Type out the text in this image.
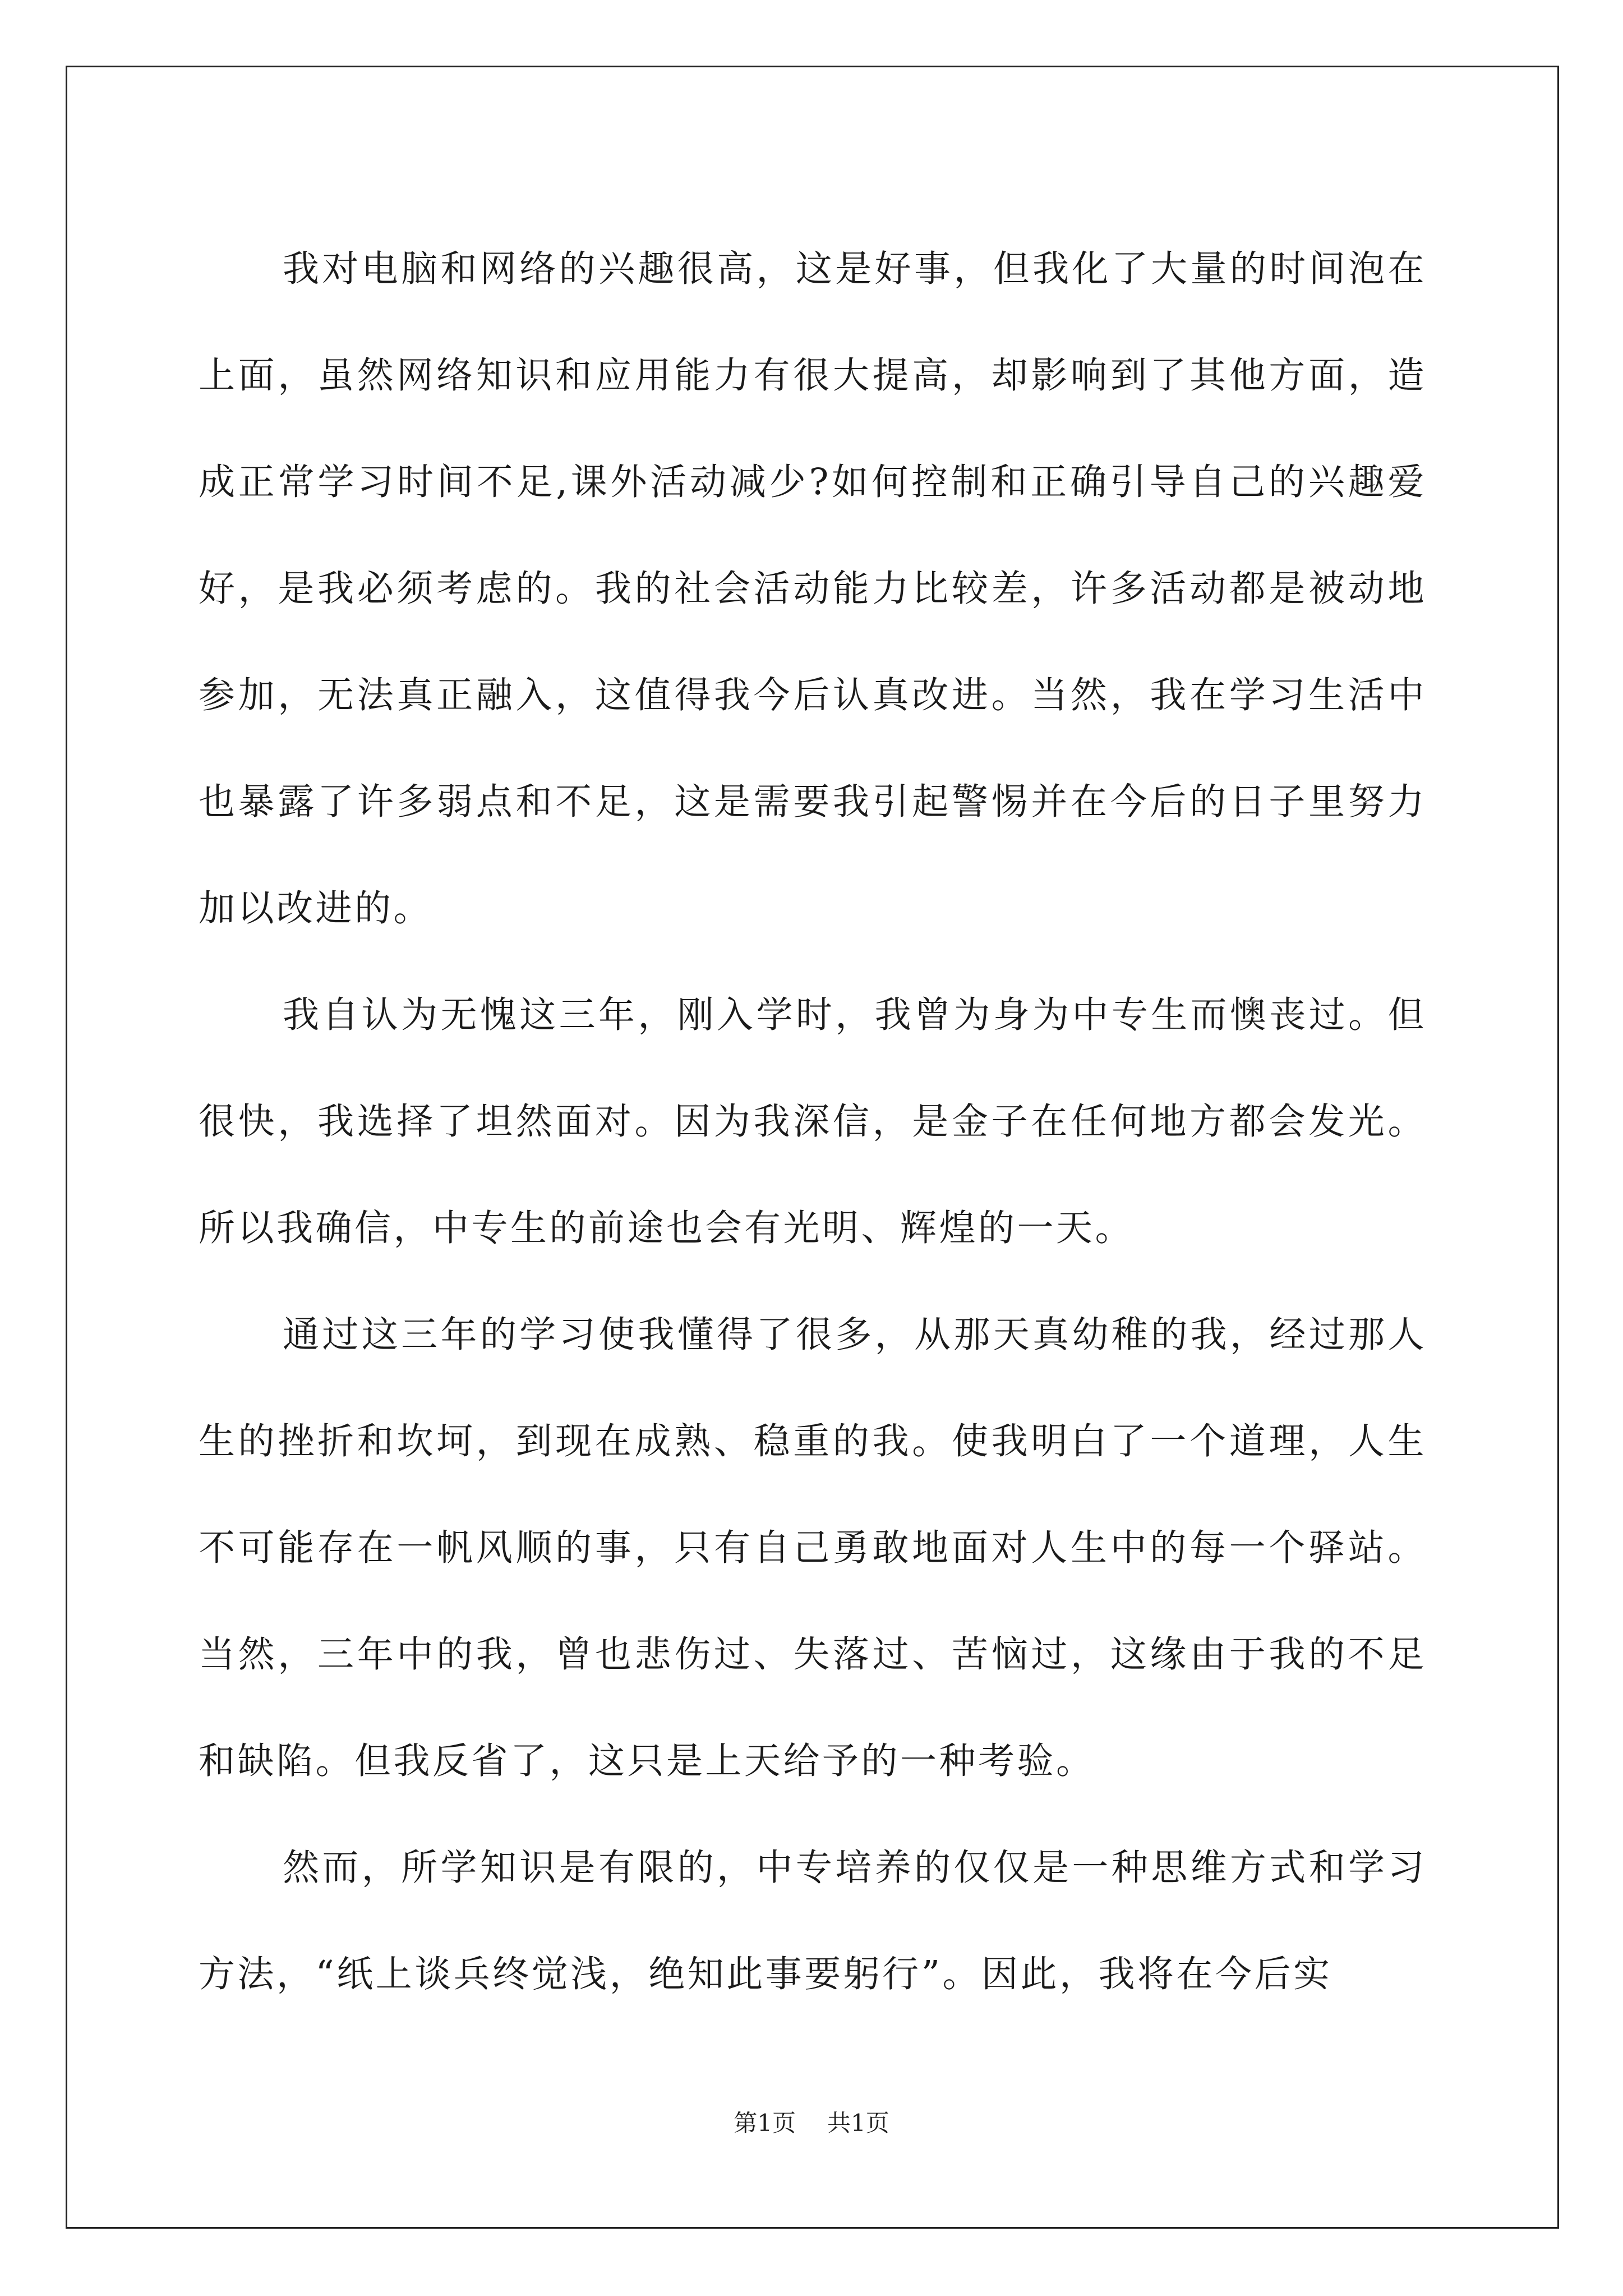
我对电脑和网络的兴趣很高，这是好事，但我化了大量的时间泡在上面，虽然网络知识和应用能力有很大提高，却影响到了其他方面，造成正常学习时间不足,课外活动减少?如何控制和正确引导自己的兴趣爱好，是我必须考虑的。我的社会活动能力比较差，许多活动都是被动地参加，无法真正融入，这值得我今后认真改进。当然，我在学习生活中也暴露了许多弱点和不足，这是需要我引起警惕并在今后的日子里努力加以改进的。

我自认为无愧这三年，刚入学时，我曾为身为中专生而懊丧过。但很快，我选择了坦然面对。因为我深信，是金子在任何地方都会发光。所以我确信，中专生的前途也会有光明、辉煌的一天。

通过这三年的学习使我懂得了很多，从那天真幼稚的我，经过那人生的挫折和坎坷，到现在成熟、稳重的我。使我明白了一个道理，人生不可能存在一帆风顺的事，只有自己勇敢地面对人生中的每一个驿站。当然，三年中的我，曾也悲伤过、失落过、苦恼过，这缘由于我的不足和缺陷。但我反省了，这只是上天给予的一种考验。

然而，所学知识是有限的，中专培养的仅仅是一种思维方式和学习方法，“纸上谈兵终觉浅，绝知此事要躬行”。因此，我将在今后实

第1页 共1页
